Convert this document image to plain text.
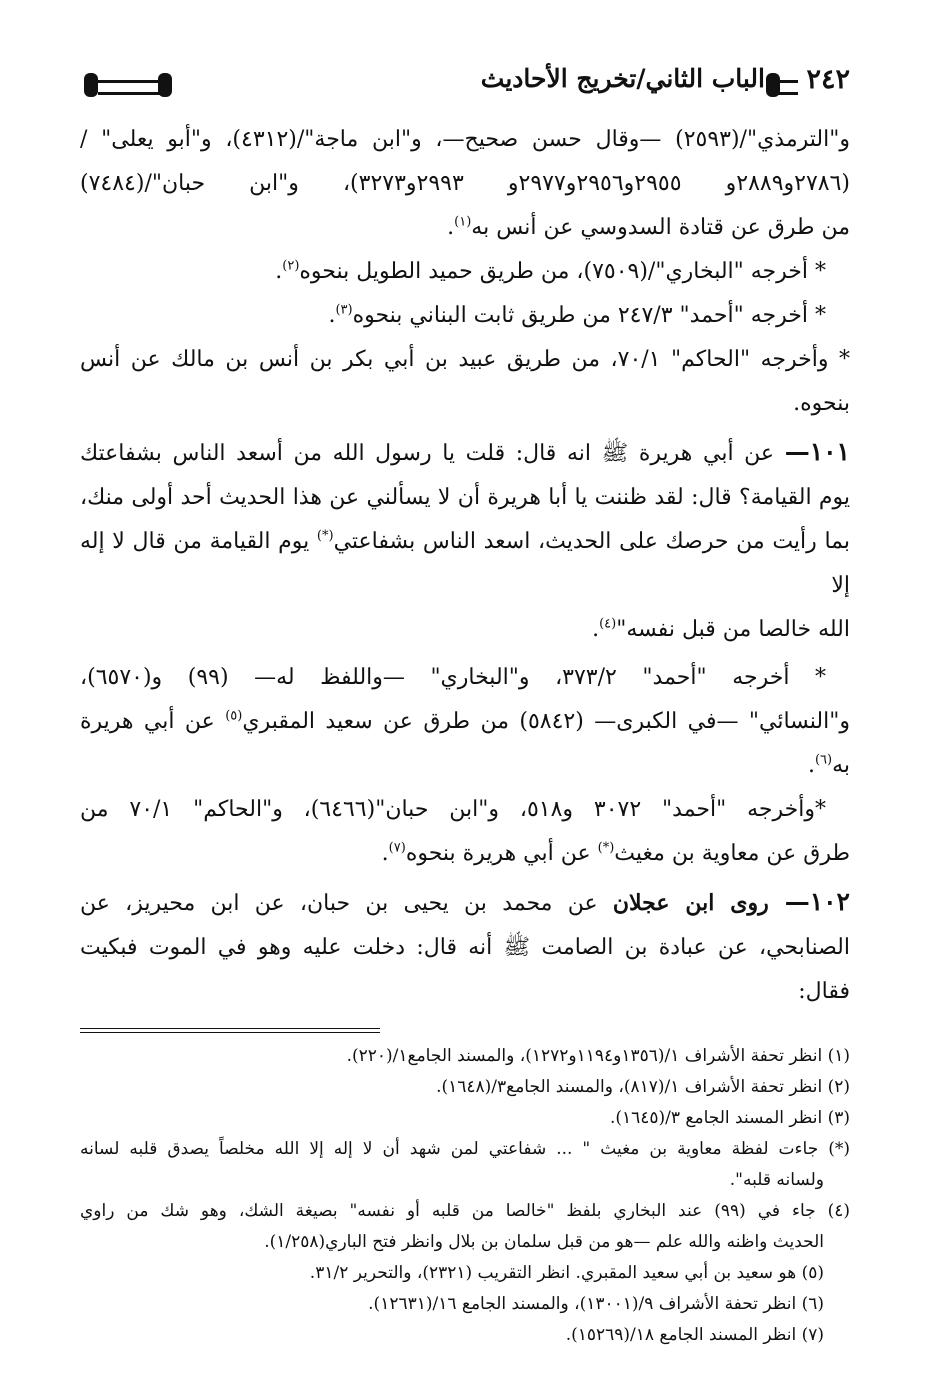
٢٤٢
الباب الثاني/تخريج الأحاديث

و"الترمذي"/(٢٥٩٣) —وقال حسن صحيح—، و"ابن ماجة"/(٤٣١٢)، و"أبو يعلى" /

(٢٧٨٦و٢٨٨٩و ٢٩٥٥و٢٩٥٦و٢٩٧٧و ٢٩٩٣و٣٢٧٣)، و"ابن حبان"/(٧٤٨٤)

من طرق عن قتادة السدوسي عن أنس به$^{(١)}$.

* أخرجه "البخاري"/(٧٥٠٩)، من طريق حميد الطويل بنحوه$^{(٢)}$.

* أخرجه "أحمد" ٢٤٧/٣ من طريق ثابت البناني بنحوه$^{(٣)}$.

* وأخرجه "الحاكم" ٧٠/١، من طريق عبيد بن أبي بكر بن أنس بن مالك عن أنس

بنحوه.

١٠١— عن أبي هريرة ﷺ انه قال: قلت يا رسول الله من أسعد الناس بشفاعتك

يوم القيامة؟ قال: لقد ظننت يا أبا هريرة أن لا يسألني عن هذا الحديث أحد أولى منك،

بما رأيت من حرصك على الحديث، اسعد الناس بشفاعتي(*) يوم القيامة من قال لا إله إلا

الله خالصا من قبل نفسه"$^{(٤)}$.

* أخرجه "أحمد" ٣٧٣/٢، و"البخاري" —واللفظ له— (٩٩) و(٦٥٧٠)،

و"النسائي" —في الكبرى— (٥٨٤٢) من طرق عن سعيد المقبري$^{(٥)}$ عن أبي هريرة به$^{(٦)}$.

*وأخرجه "أحمد" ٣٠٧٢ و٥١٨، و"ابن حبان"(٦٤٦٦)، و"الحاكم" ٧٠/١ من

طرق عن معاوية بن مغيث(*) عن أبي هريرة بنحوه$^{(٧)}$.

١٠٢— روى ابن عجلان عن محمد بن يحيى بن حبان، عن ابن محيريز، عن

الصنابحي، عن عبادة بن الصامت ﷺ أنه قال: دخلت عليه وهو في الموت فبكيت فقال:

(١) انظر تحفة الأشراف ١/(١٣٥٦و١١٩٤و١٢٧٢)، والمسند الجامع١/(٢٢٠).

(٢) انظر تحفة الأشراف ١/(٨١٧)، والمسند الجامع٣/(١٦٤٨).

(٣) انظر المسند الجامع ٣/(١٦٤٥).

(*) جاءت لفظة معاوية بن مغيث " ... شفاعتي لمن شهد أن لا إله إلا الله مخلصاً يصدق قلبه لسانه

ولسانه قلبه".

(٤) جاء في (٩٩) عند البخاري بلفظ "خالصا من قلبه أو نفسه" بصيغة الشك، وهو شك من راوي

الحديث واظنه والله علم —هو من قبل سلمان بن بلال وانظر فتح الباري(١/٢٥٨).

(٥) هو سعيد بن أبي سعيد المقبري. انظر التقريب (٢٣٢١)، والتحرير ٣١/٢.

(٦) انظر تحفة الأشراف ٩/(١٣٠٠١)، والمسند الجامع ١٦/(١٢٦٣١).

(٧) انظر المسند الجامع ١٨/(١٥٢٦٩).
